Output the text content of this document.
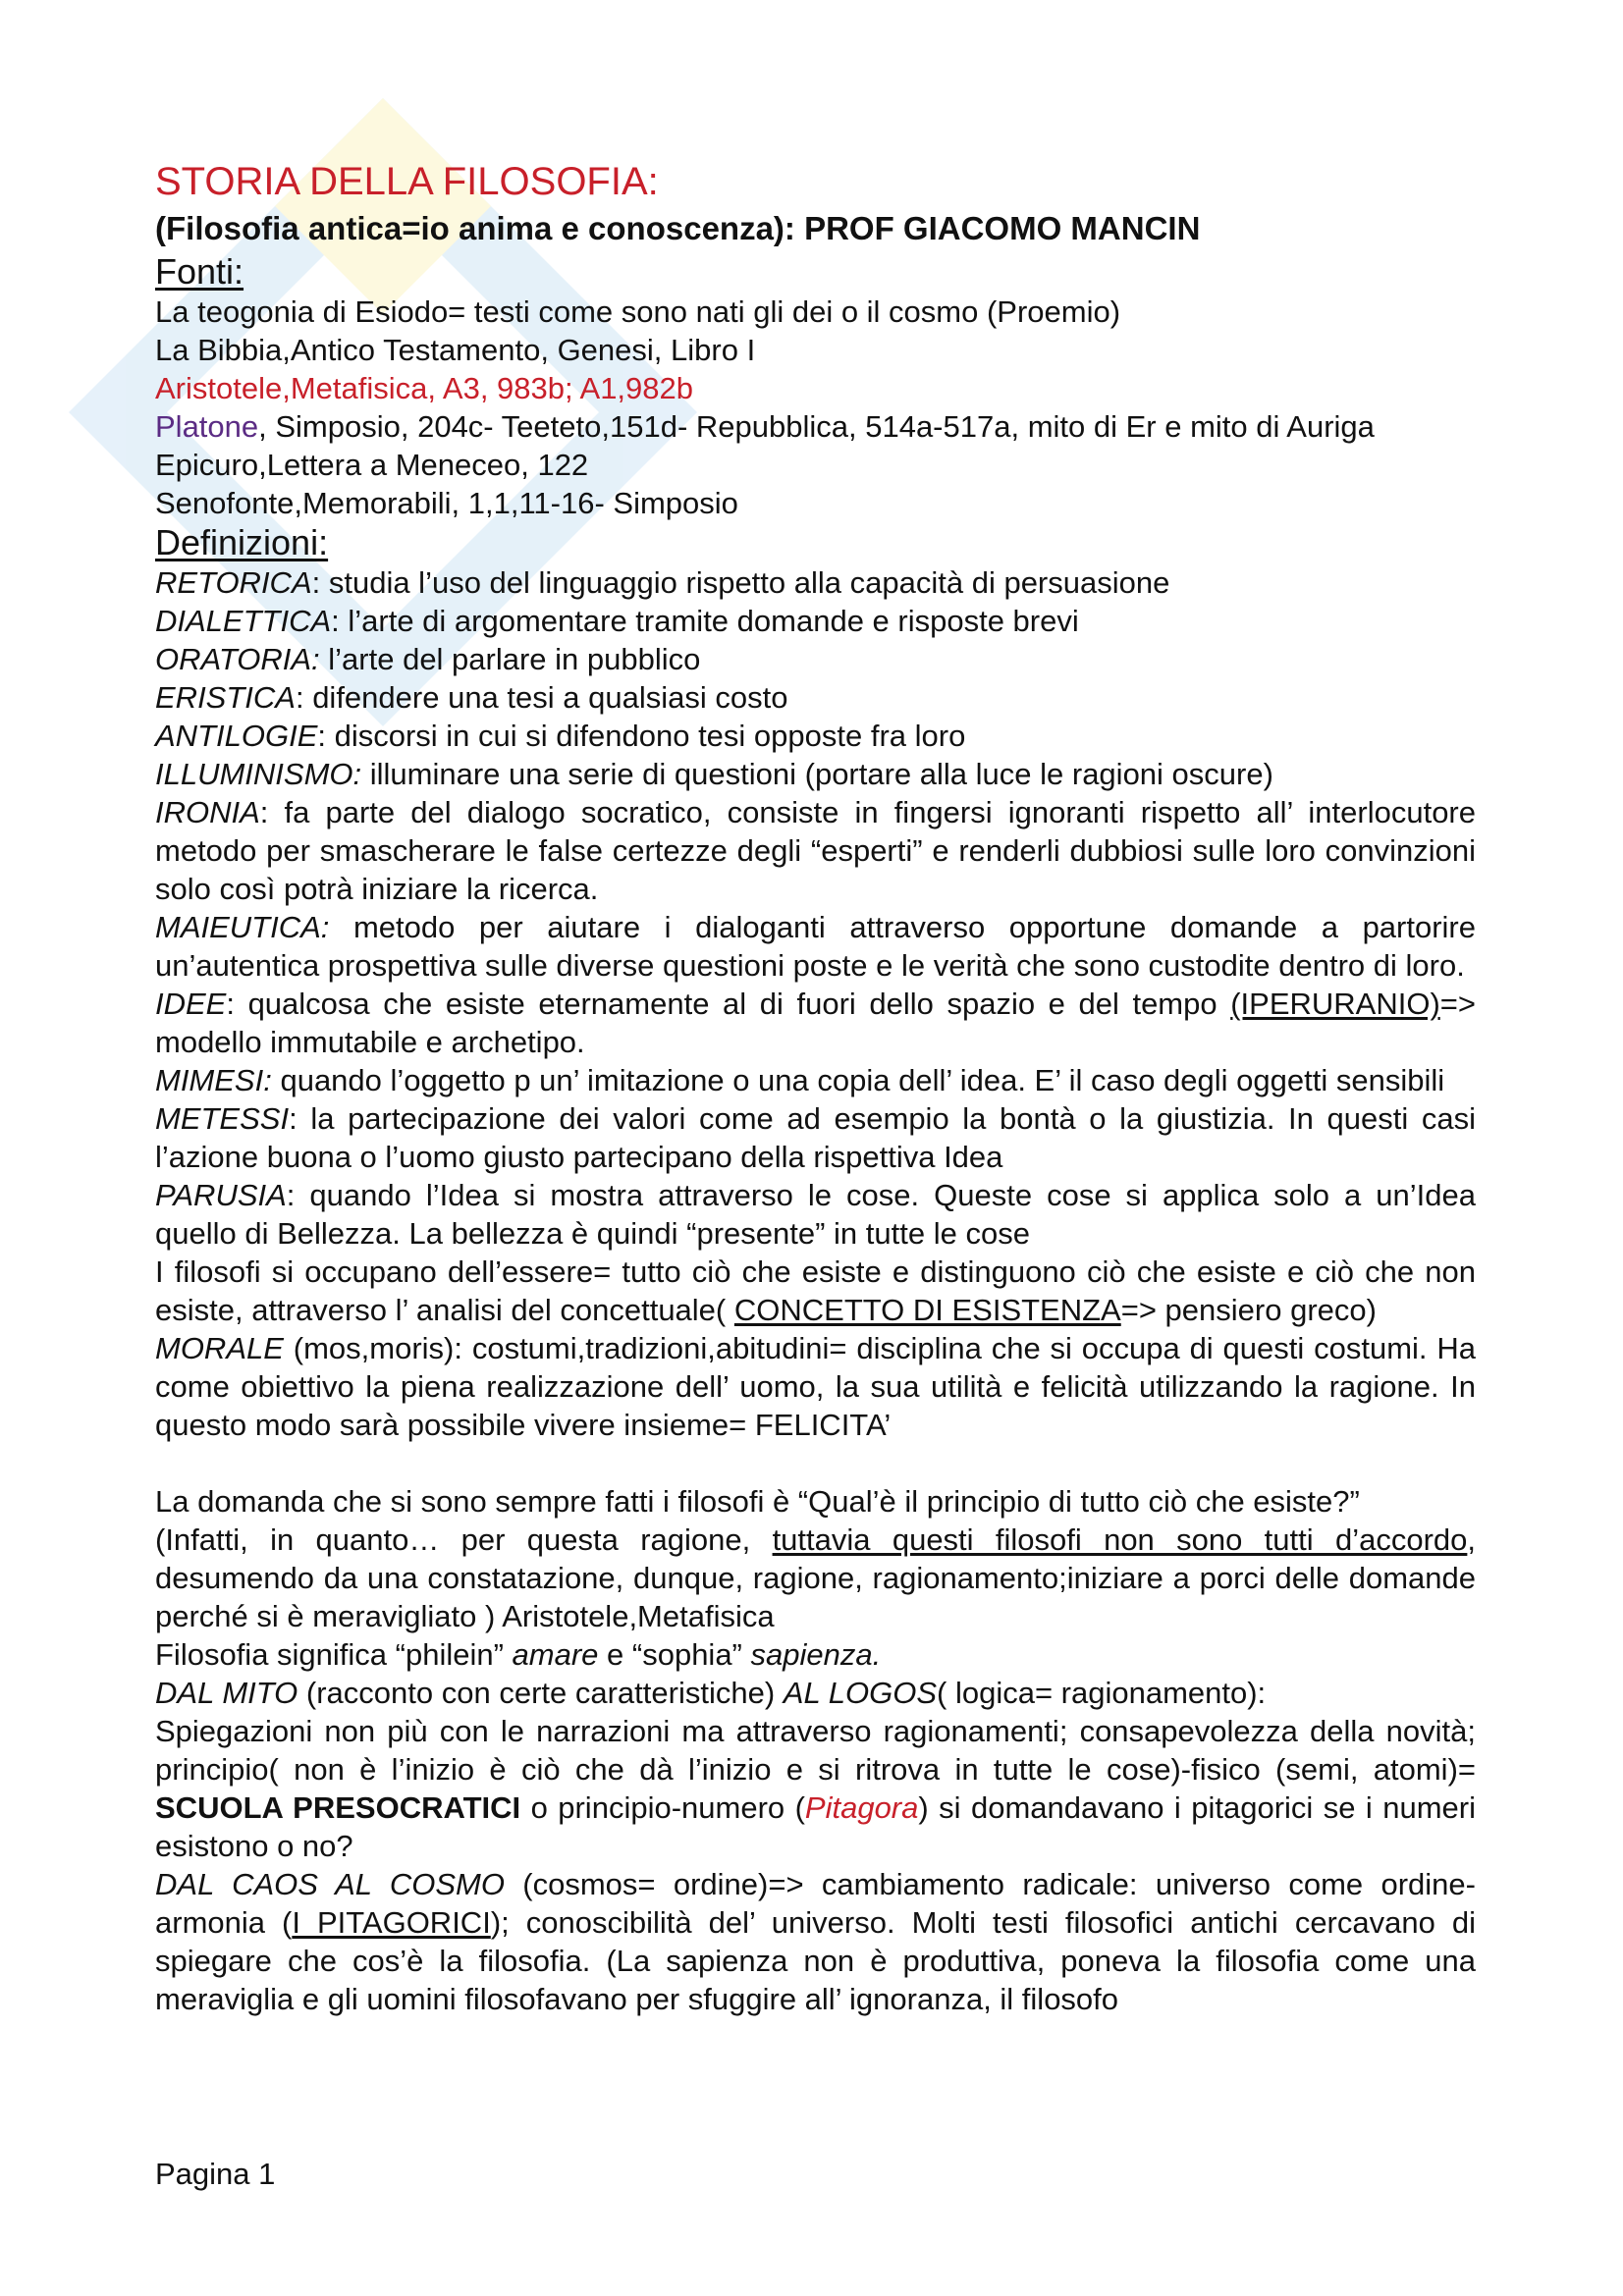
STORIA DELLA FILOSOFIA:

(Filosofia antica=io anima e conoscenza): PROF GIACOMO MANCIN

Fonti:

La teogonia di Esiodo= testi come sono nati gli dei o il cosmo (Proemio)

La Bibbia,Antico Testamento, Genesi, Libro I

Aristotele,Metafisica, A3, 983b; A1,982b

Platone, Simposio, 204c- Teeteto,151d- Repubblica, 514a-517a, mito di Er e mito di Auriga

Epicuro,Lettera a Meneceo, 122

Senofonte,Memorabili, 1,1,11-16- Simposio

Definizioni:

RETORICA: studia l’uso del linguaggio rispetto alla capacità di persuasione

DIALETTICA: l’arte di argomentare tramite domande e risposte brevi

ORATORIA: l’arte del parlare in pubblico

ERISTICA: difendere una tesi a qualsiasi costo

ANTILOGIE: discorsi in cui si difendono tesi opposte fra loro

ILLUMINISMO: illuminare una serie di questioni (portare alla luce le ragioni oscure)

IRONIA: fa parte del dialogo socratico, consiste in fingersi ignoranti rispetto all’ interlocutore metodo per smascherare le false certezze degli “esperti” e renderli dubbiosi sulle loro convinzioni solo così potrà iniziare la ricerca.

MAIEUTICA: metodo per aiutare i dialoganti attraverso opportune domande a partorire un’autentica prospettiva sulle diverse questioni poste e le verità che sono custodite dentro di loro.

IDEE: qualcosa che esiste eternamente al di fuori dello spazio e del tempo (IPERURANIO)=> modello immutabile e archetipo.

MIMESI: quando l’oggetto p un’ imitazione o una copia dell’ idea. E’ il caso degli oggetti sensibili

METESSI: la partecipazione dei valori come ad esempio la bontà o la giustizia. In questi casi l’azione buona o l’uomo giusto partecipano della rispettiva Idea

PARUSIA: quando l’Idea si mostra attraverso le cose. Queste cose si applica solo a un’Idea quello di Bellezza. La bellezza è quindi “presente” in tutte le cose

I filosofi si occupano dell’essere= tutto ciò che esiste e distinguono ciò che esiste e ciò che non esiste, attraverso l’ analisi del concettuale( CONCETTO DI ESISTENZA=> pensiero greco)

MORALE (mos,moris): costumi,tradizioni,abitudini= disciplina che si occupa di questi costumi. Ha come obiettivo la piena realizzazione dell’ uomo, la sua utilità e felicità utilizzando la ragione. In questo modo sarà possibile vivere insieme= FELICITA’

La domanda che si sono sempre fatti i filosofi è “Qual’è il principio di tutto ciò che esiste?”

(Infatti, in quanto… per questa ragione, tuttavia questi filosofi non sono tutti d’accordo, desumendo da una constatazione, dunque, ragione, ragionamento;iniziare a porci delle domande perché si è meravigliato ) Aristotele,Metafisica

Filosofia significa “philein” amare e “sophia” sapienza.

DAL MITO (racconto con certe caratteristiche) AL LOGOS( logica= ragionamento):

Spiegazioni non più con le narrazioni ma attraverso ragionamenti; consapevolezza della novità; principio( non è l’inizio è ciò che dà l’inizio e si ritrova in tutte le cose)-fisico (semi, atomi)= SCUOLA PRESOCRATICI o principio-numero (Pitagora) si domandavano i pitagorici se i numeri esistono o no?

DAL CAOS AL COSMO (cosmos= ordine)=> cambiamento radicale: universo come ordine-armonia (I PITAGORICI); conoscibilità del’ universo. Molti testi filosofici antichi cercavano di spiegare che cos’è la filosofia. (La sapienza non è produttiva, poneva la filosofia come una meraviglia e gli uomini filosofavano per sfuggire all’ ignoranza, il filosofo

Pagina 1
